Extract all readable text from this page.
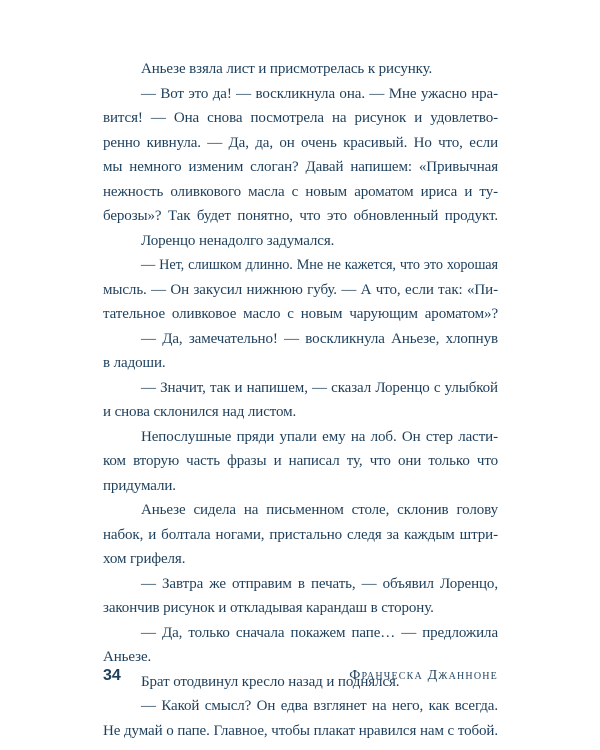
Аньезе взяла лист и присмотрелась к рисунку.
— Вот это да! — воскликнула она. — Мне ужасно нра-
вится! — Она снова посмотрела на рисунок и удовлетво-
ренно кивнула. — Да, да, он очень красивый. Но что, если
мы немного изменим слоган? Давай напишем: «Привычная
нежность оливкового масла с новым ароматом ириса и ту-
берозы»? Так будет понятно, что это обновленный продукт.
Лоренцо ненадолго задумался.
— Нет, слишком длинно. Мне не кажется, что это хорошая
мысль. — Он закусил нижнюю губу. — А что, если так: «Пи-
тательное оливковое масло с новым чарующим ароматом»?
— Да, замечательно! — воскликнула Аньезе, хлопнув
в ладоши.
— Значит, так и напишем, — сказал Лоренцо с улыбкой
и снова склонился над листом.
Непослушные пряди упали ему на лоб. Он стер ласти-
ком вторую часть фразы и написал ту, что они только что
придумали.
Аньезе сидела на письменном столе, склонив голову
набок, и болтала ногами, пристально следя за каждым штри-
хом грифеля.
— Завтра же отправим в печать, — объявил Лоренцо,
закончив рисунок и откладывая карандаш в сторону.
— Да, только сначала покажем папе… — предложила
Аньезе.
Брат отодвинул кресло назад и поднялся.
— Какой смысл? Он едва взглянет на него, как всегда.
Не думай о папе. Главное, чтобы плакат нравился нам с тобой.
34	Франческа Джанноне
